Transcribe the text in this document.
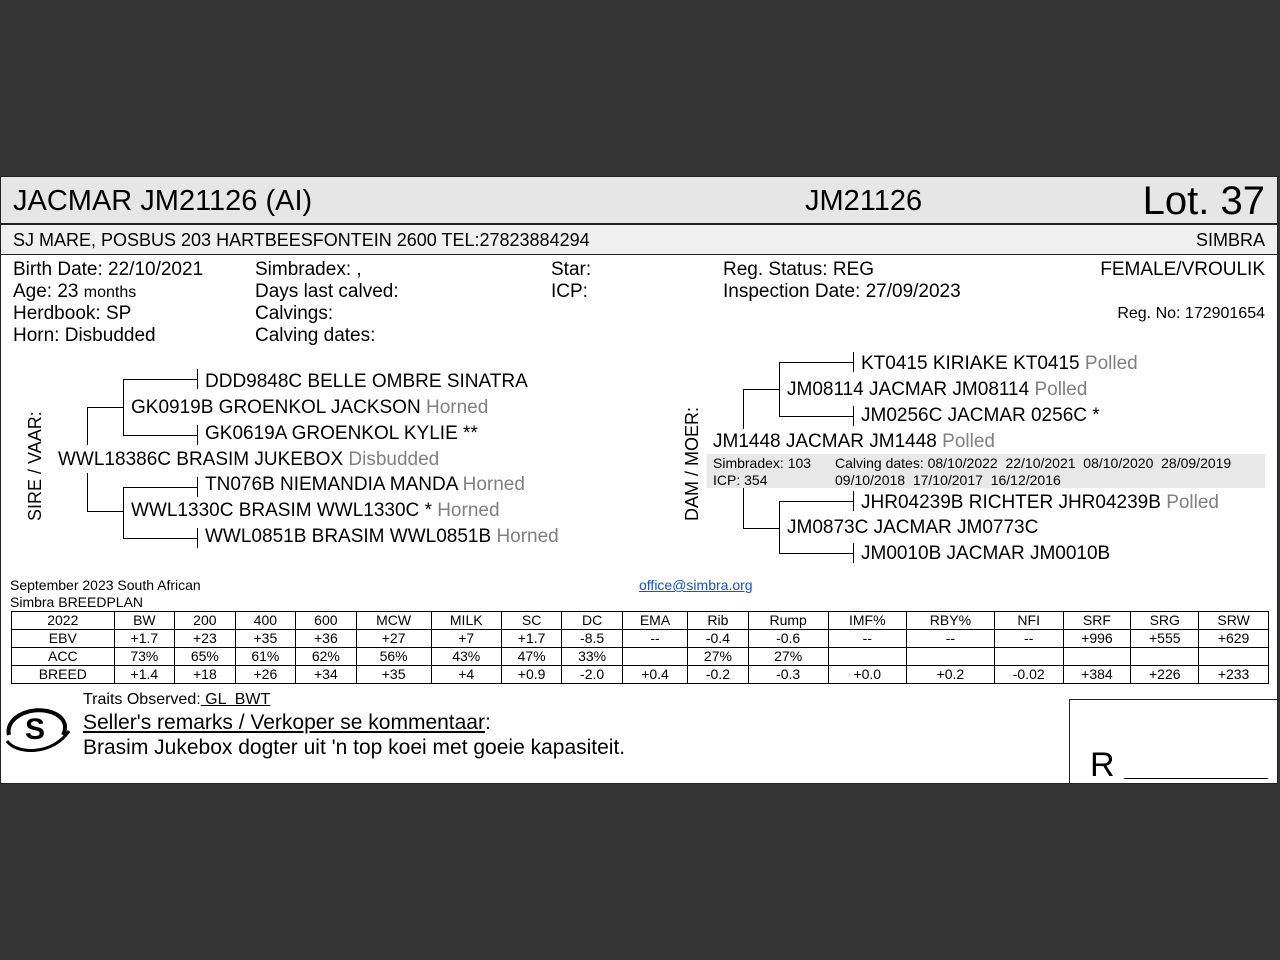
JACMAR JM21126 (AI)	JM21126	Lot. 37
SJ MARE, POSBUS 203 HARTBEESFONTEIN 2600 TEL:27823884294	SIMBRA
Birth Date: 22/10/2021
Age: 23 months
Herdbook: SP
Horn: Disbudded
Simbradex: ,
Days last calved:
Calvings:
Calving dates:
Star:
ICP:
Reg. Status: REG
Inspection Date: 27/09/2023
FEMALE/VROULIK
Reg. No: 172901654
SIRE / VAAR:
DDD9848C BELLE OMBRE SINATRA
GK0919B GROENKOL JACKSON Horned
GK0619A GROENKOL KYLIE **
WWL18386C BRASIM JUKEBOX Disbudded
TN076B NIEMANDIA MANDA Horned
WWL1330C BRASIM WWL1330C * Horned
WWL0851B BRASIM WWL0851B Horned
DAM / MOER:
KT0415 KIRIAKE KT0415 Polled
JM08114 JACMAR JM08114 Polled
JM0256C JACMAR 0256C *
JM1448 JACMAR JM1448 Polled
Simbradex: 103
ICP: 354
Calving dates: 08/10/2022  22/10/2021  08/10/2020  28/09/2019
09/10/2018  17/10/2017  16/12/2016
JHR04239B RICHTER JHR04239B Polled
JM0873C JACMAR JM0773C
JM0010B JACMAR JM0010B
September 2023 South African
Simbra BREEDPLAN
office@simbra.org
2022	BW	200	400	600	MCW	MILK	SC	DC	EMA	Rib	Rump	IMF%	RBY%	NFI	SRF	SRG	SRW
EBV	+1.7	+23	+35	+36	+27	+7	+1.7	-8.5	--	-0.4	-0.6	--	--	--	+996	+555	+629
ACC	73%	65%	61%	62%	56%	43%	47%	33%		27%	27%						
BREED	+1.4	+18	+26	+34	+35	+4	+0.9	-2.0	+0.4	-0.2	-0.3	+0.0	+0.2	-0.02	+384	+226	+233
S
Traits Observed: GL  BWT
Seller's remarks / Verkoper se kommentaar:
Brasim Jukebox dogter uit 'n top koei met goeie kapasiteit.	R
